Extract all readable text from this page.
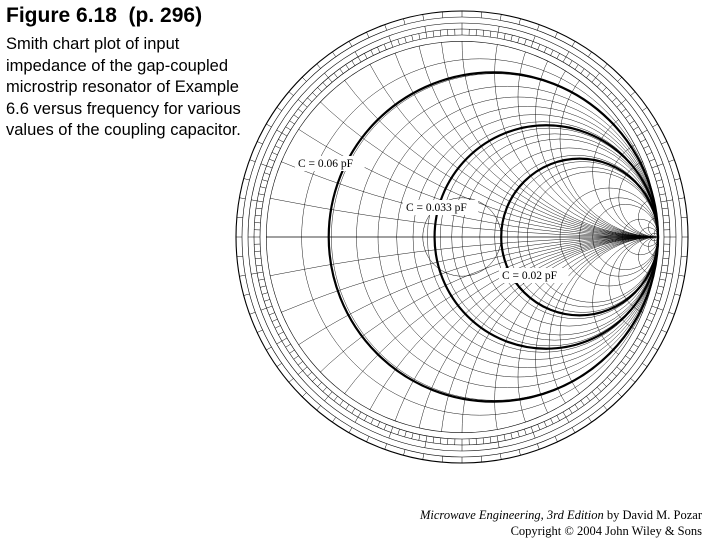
Figure 6.18  (p. 296)
Smith chart plot of input impedance of the gap-coupled microstrip resonator of Example 6.6 versus frequency for various values of the coupling capacitor.
C = 0.06 pF
C = 0.033 pF
C = 0.02 pF
Microwave Engineering, 3rd Edition by David M. Pozar
Copyright © 2004 John Wiley & Sons
